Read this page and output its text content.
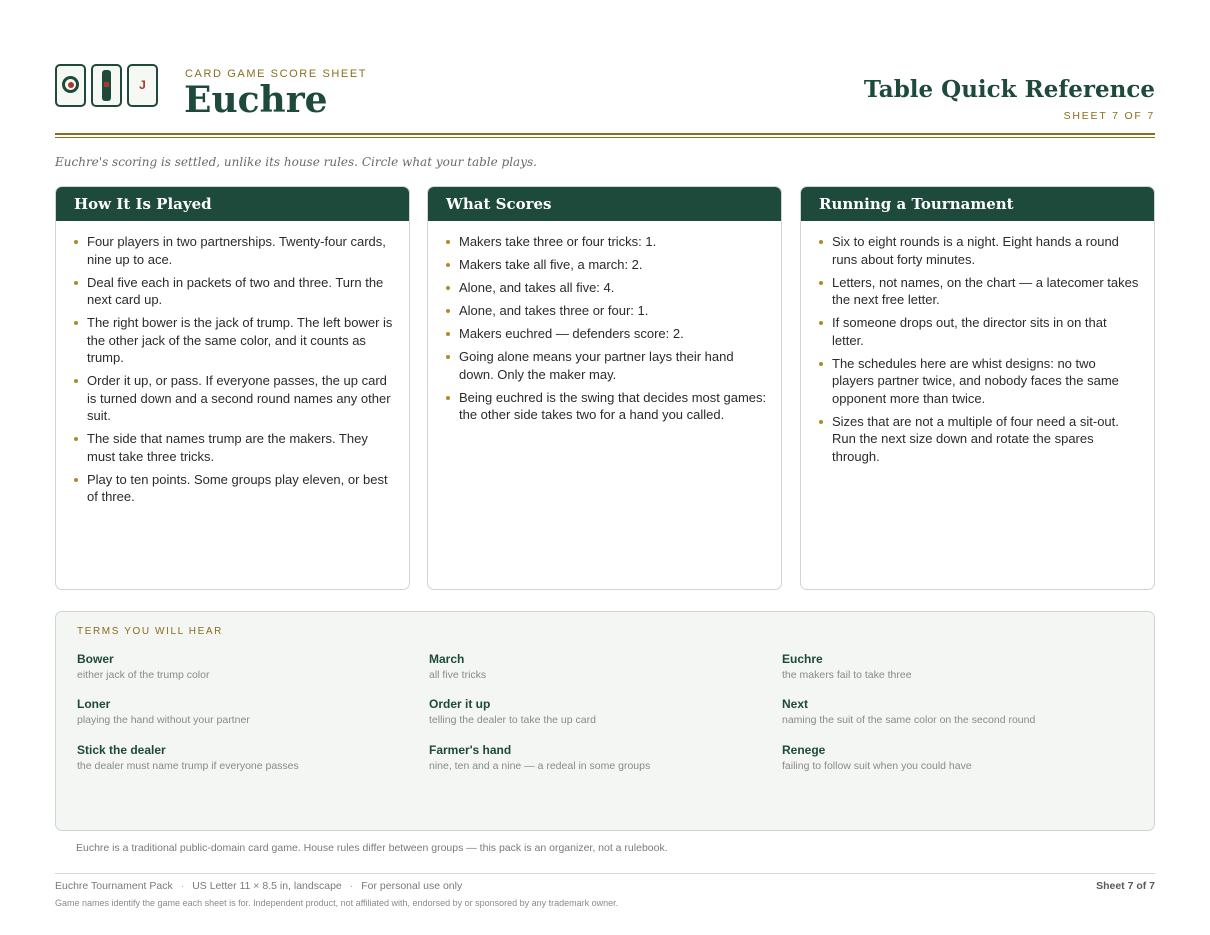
J
CARD GAME SCORE SHEET
Euchre	Table Quick Reference
SHEET 7 OF 7
Euchre's scoring is settled, unlike its house rules. Circle what your table plays.
How It Is Played
Four players in two partnerships. Twenty-four cards, nine up to ace.
Deal five each in packets of two and three. Turn the next card up.
The right bower is the jack of trump. The left bower is the other jack of the same color, and it counts as trump.
Order it up, or pass. If everyone passes, the up card is turned down and a second round names any other suit.
The side that names trump are the makers. They must take three tricks.
Play to ten points. Some groups play eleven, or best of three.
What Scores
Makers take three or four tricks: 1.
Makers take all five, a march: 2.
Alone, and takes all five: 4.
Alone, and takes three or four: 1.
Makers euchred — defenders score: 2.
Going alone means your partner lays their hand down. Only the maker may.
Being euchred is the swing that decides most games: the other side takes two for a hand you called.
Running a Tournament
Six to eight rounds is a night. Eight hands a round runs about forty minutes.
Letters, not names, on the chart — a latecomer takes the next free letter.
If someone drops out, the director sits in on that letter.
The schedules here are whist designs: no two players partner twice, and nobody faces the same opponent more than twice.
Sizes that are not a multiple of four need a sit-out. Run the next size down and rotate the spares through.
TERMS YOU WILL HEAR
Bower
either jack of the trump color
March
all five tricks
Euchre
the makers fail to take three
Loner
playing the hand without your partner
Order it up
telling the dealer to take the up card
Next
naming the suit of the same color on the second round
Stick the dealer
the dealer must name trump if everyone passes
Farmer's hand
nine, ten and a nine — a redeal in some groups
Renege
failing to follow suit when you could have
Euchre is a traditional public-domain card game. House rules differ between groups — this pack is an organizer, not a rulebook.
Euchre Tournament Pack · US Letter 11 × 8.5 in, landscape · For personal use only	Sheet 7 of 7
Game names identify the game each sheet is for. Independent product, not affiliated with, endorsed by or sponsored by any trademark owner.
